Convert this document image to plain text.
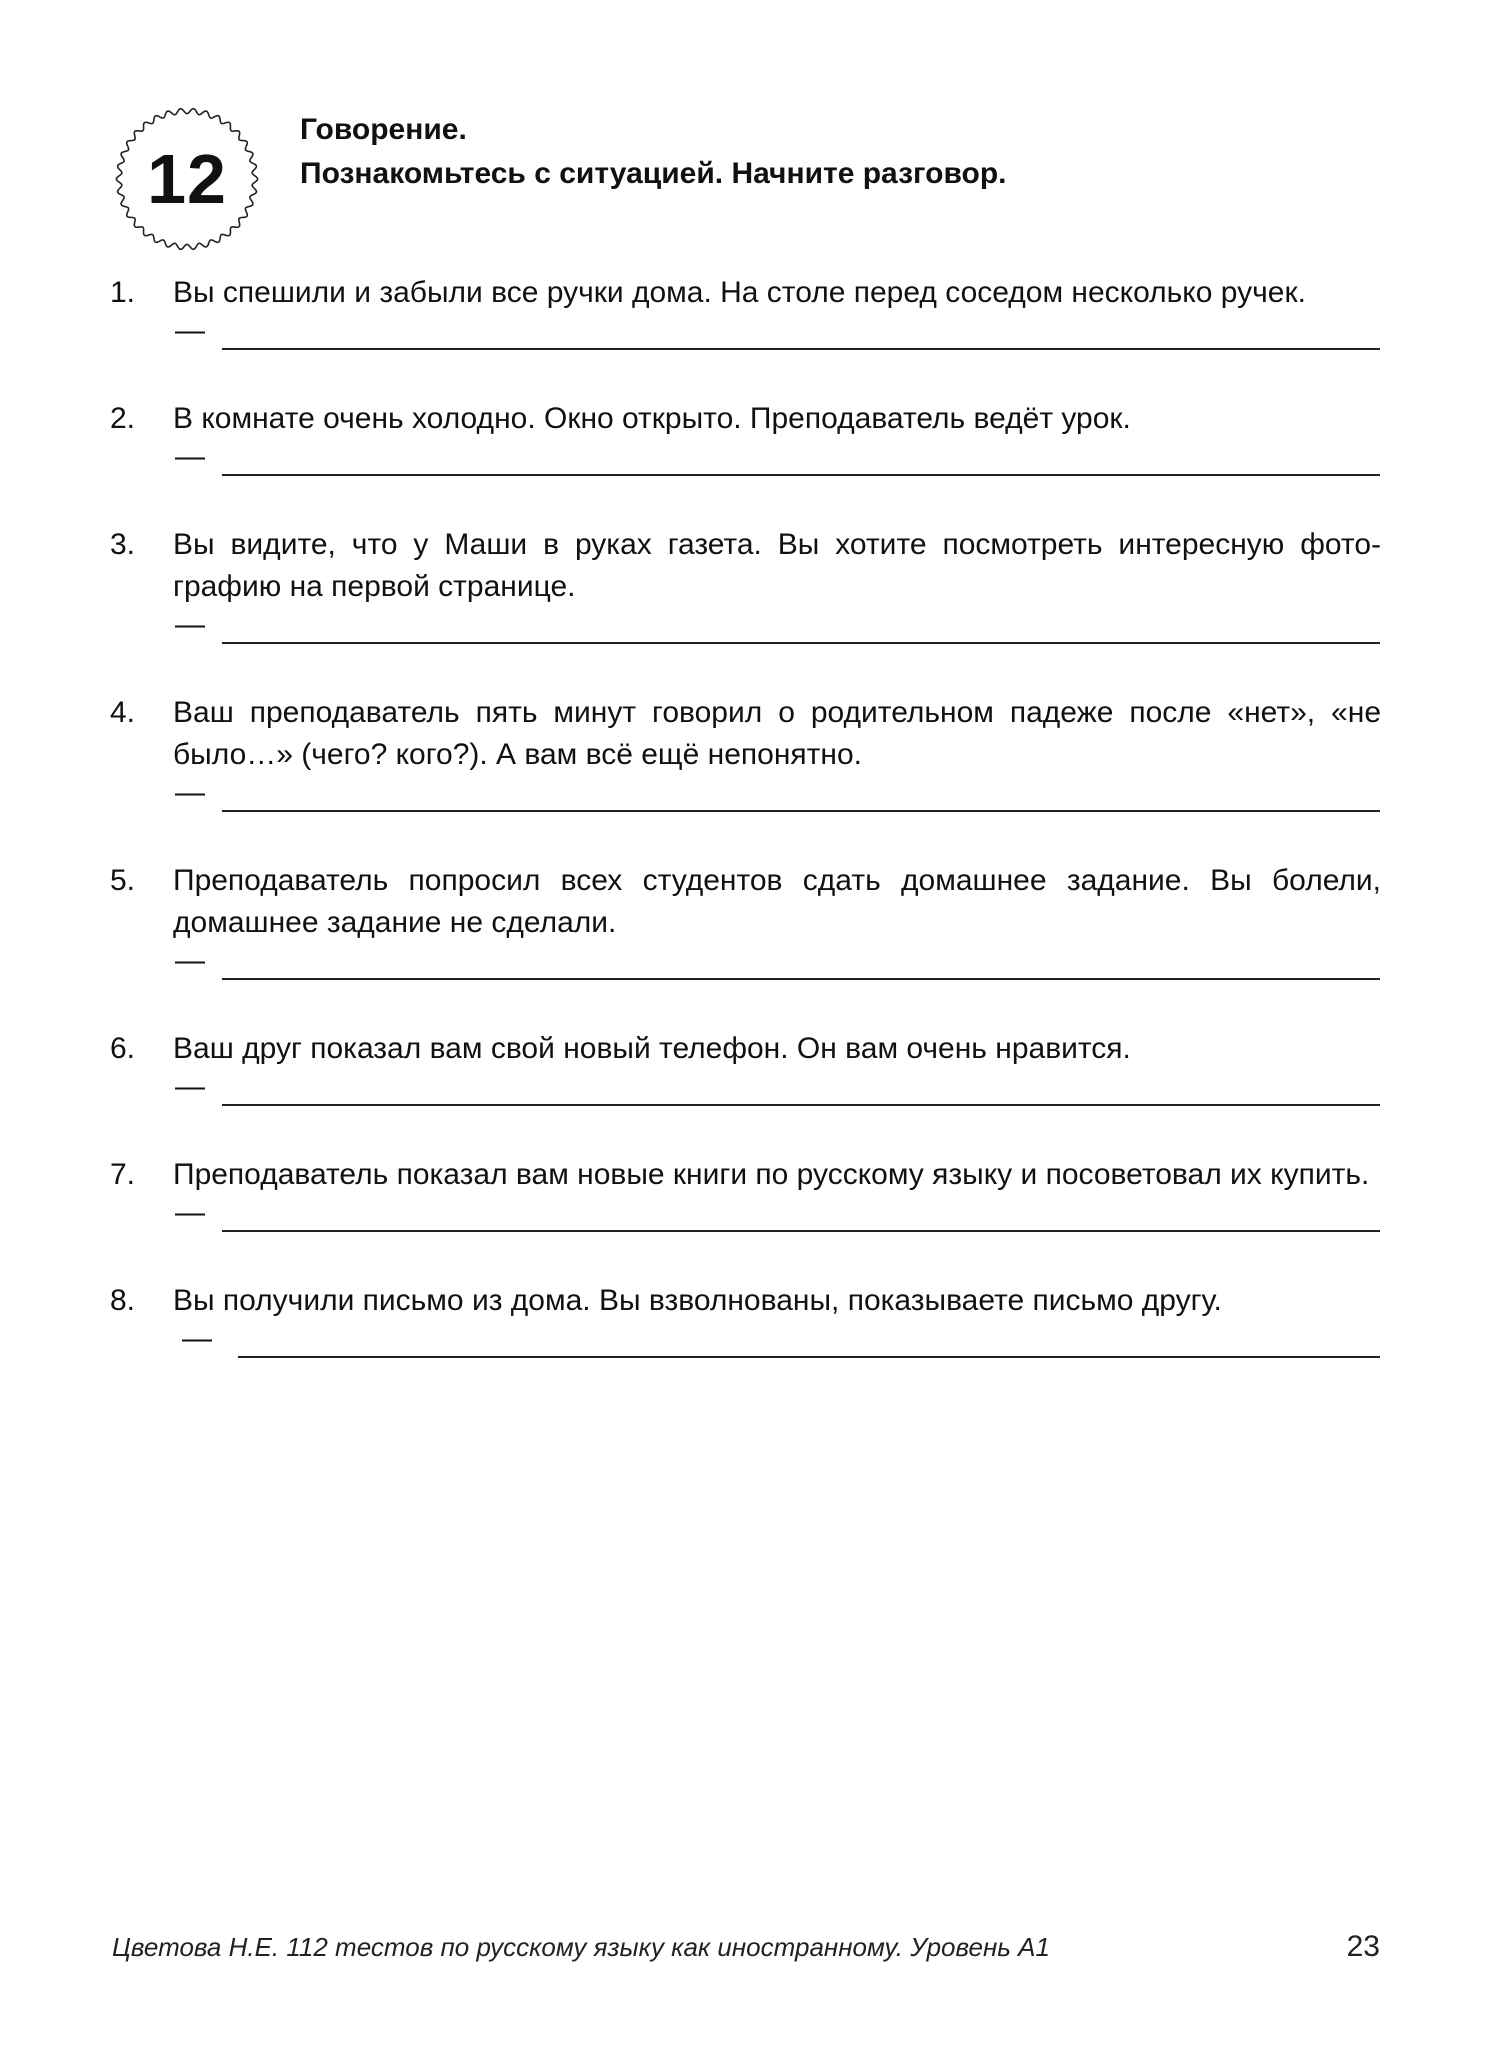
12
Говорение.
Познакомьтесь с ситуацией. Начните разговор.
1. Вы спешили и забыли все ручки дома. На столе перед соседом несколько ручек.
—
2. В комнате очень холодно. Окно открыто. Преподаватель ведёт урок.
—
3. Вы видите, что у Маши в руках газета. Вы хотите посмотреть интересную фотографию на первой странице.
—
4. Ваш преподаватель пять минут говорил о родительном падеже после «нет», «не было…» (чего? кого?). А вам всё ещё непонятно.
—
5. Преподаватель попросил всех студентов сдать домашнее задание. Вы болели, домашнее задание не сделали.
—
6. Ваш друг показал вам свой новый телефон. Он вам очень нравится.
—
7. Преподаватель показал вам новые книги по русскому языку и посоветовал их купить.
—
8. Вы получили письмо из дома. Вы взволнованы, показываете письмо другу.
—
Цветова Н.Е. 112 тестов по русскому языку как иностранному. Уровень А1	23
